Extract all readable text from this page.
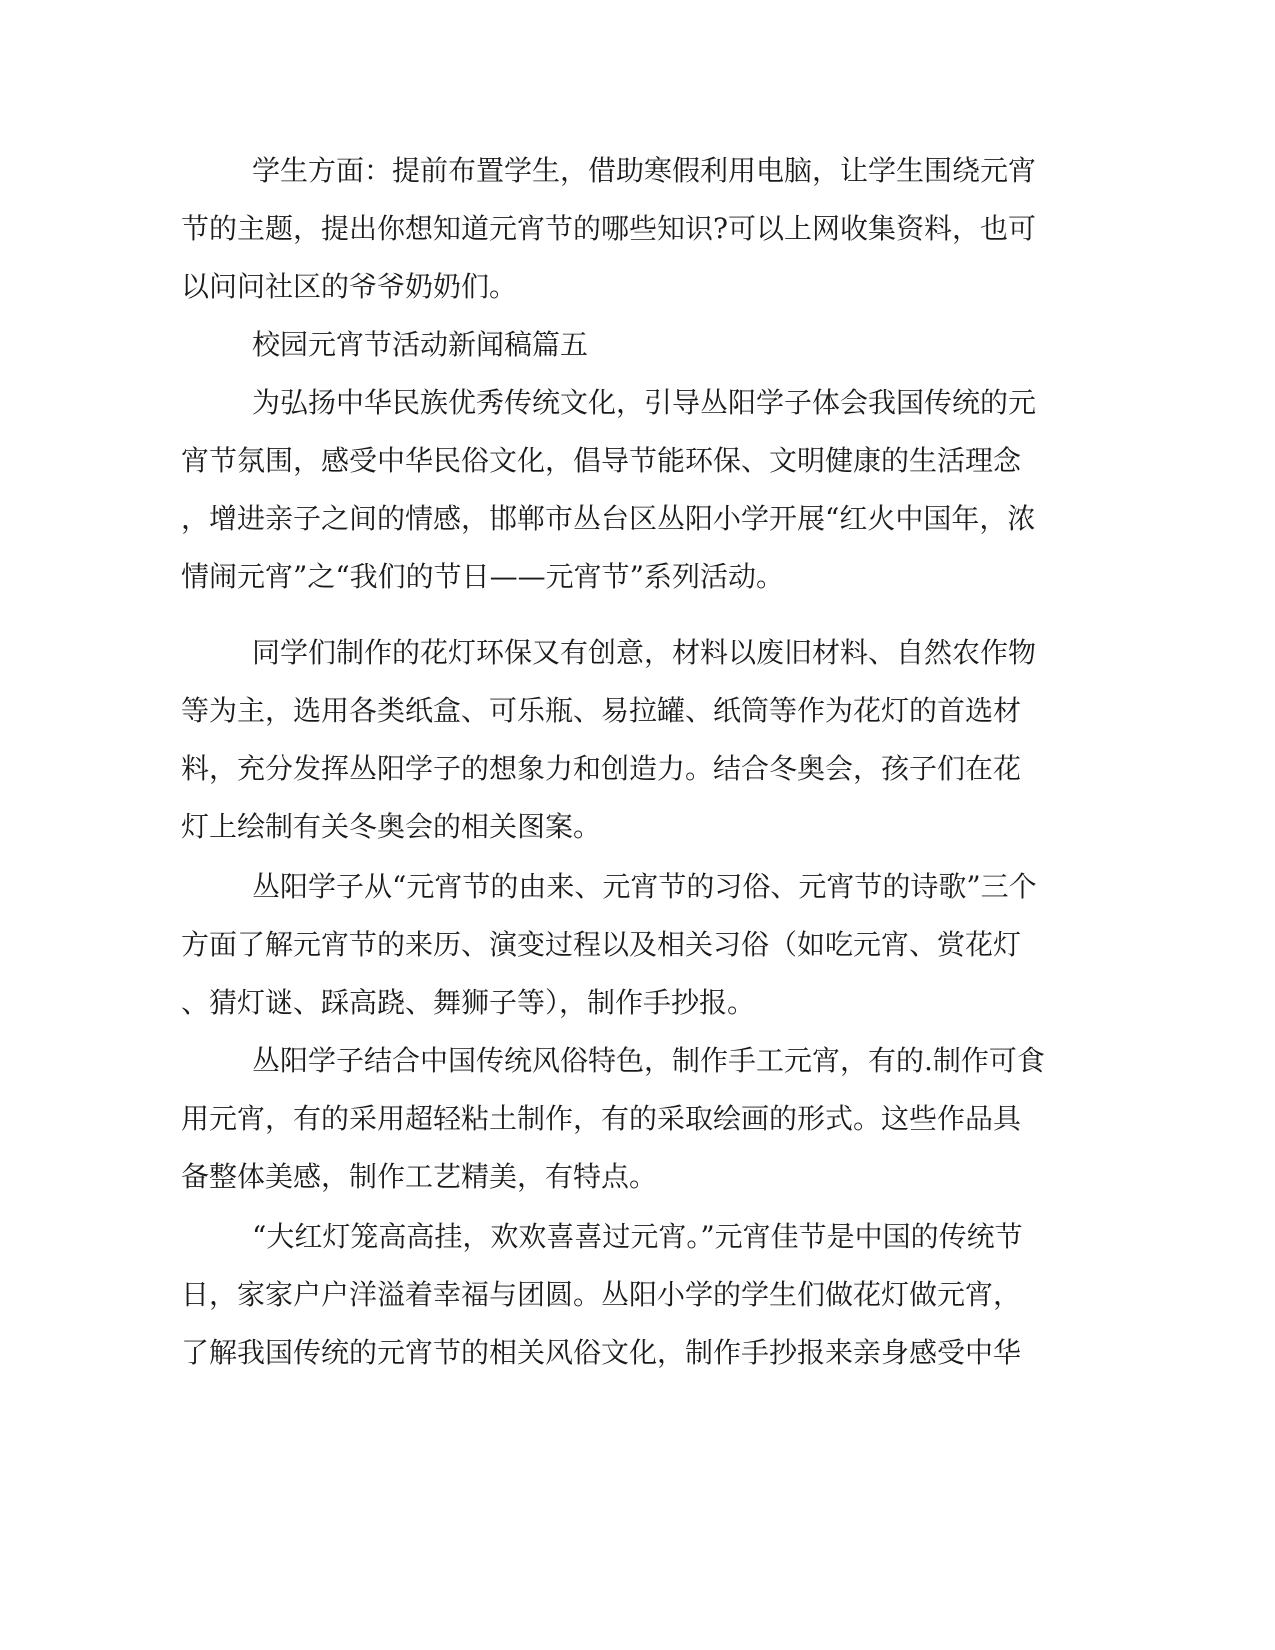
学生方面：提前布置学生，借助寒假利用电脑，让学生围绕元宵
节的主题，提出你想知道元宵节的哪些知识?可以上网收集资料，也可
以问问社区的爷爷奶奶们。
校园元宵节活动新闻稿篇五
为弘扬中华民族优秀传统文化，引导丛阳学子体会我国传统的元
宵节氛围，感受中华民俗文化，倡导节能环保、文明健康的生活理念
，增进亲子之间的情感，邯郸市丛台区丛阳小学开展“红火中国年，浓
情闹元宵”之“我们的节日——元宵节”系列活动。
同学们制作的花灯环保又有创意，材料以废旧材料、自然农作物
等为主，选用各类纸盒、可乐瓶、易拉罐、纸筒等作为花灯的首选材
料，充分发挥丛阳学子的想象力和创造力。结合冬奥会，孩子们在花
灯上绘制有关冬奥会的相关图案。
丛阳学子从“元宵节的由来、元宵节的习俗、元宵节的诗歌”三个
方面了解元宵节的来历、演变过程以及相关习俗（如吃元宵、赏花灯
、猜灯谜、踩高跷、舞狮子等），制作手抄报。
丛阳学子结合中国传统风俗特色，制作手工元宵，有的.制作可食
用元宵，有的采用超轻粘土制作，有的采取绘画的形式。这些作品具
备整体美感，制作工艺精美，有特点。
“大红灯笼高高挂，欢欢喜喜过元宵。”元宵佳节是中国的传统节
日，家家户户洋溢着幸福与团圆。丛阳小学的学生们做花灯做元宵，
了解我国传统的元宵节的相关风俗文化，制作手抄报来亲身感受中华
